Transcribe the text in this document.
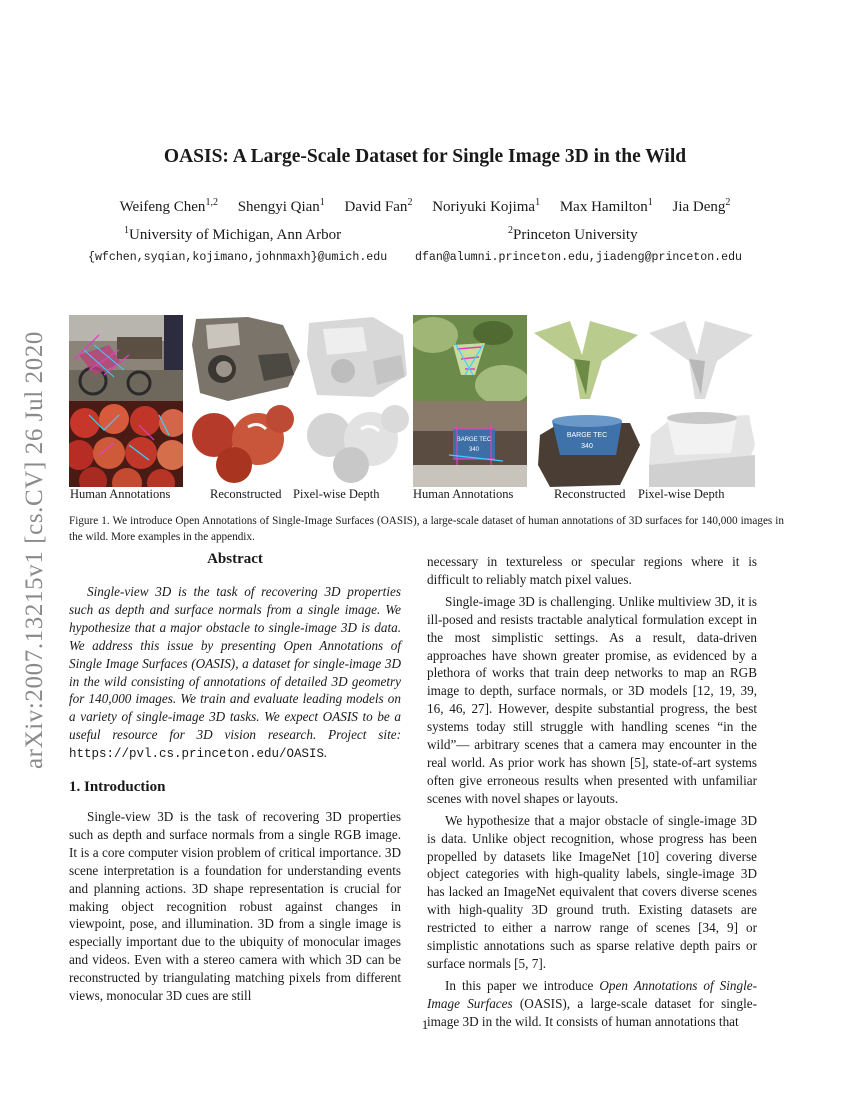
arXiv:2007.13215v1 [cs.CV] 26 Jul 2020
OASIS: A Large-Scale Dataset for Single Image 3D in the Wild
Weifeng Chen$^{1,2}$ Shengyi Qian$^1$ David Fan$^2$ Noriyuki Kojima$^1$ Max Hamilton$^1$ Jia Deng$^2$
$^1$University of Michigan, Ann Arbor	$^2$Princeton University
{wfchen,syqian,kojimano,johnmaxh}@umich.edu dfan@alumni.princeton.edu,jiadeng@princeton.edu
BARGE TEC
340
BARGE TEC
340
Human Annotations	Reconstructed Pixel-wise Depth	Human Annotations	Reconstructed Pixel-wise Depth
Figure 1. We introduce Open Annotations of Single-Image Surfaces (OASIS), a large-scale dataset of human annotations of 3D surfaces for 140,000 images in the wild. More examples in the appendix.
Abstract

Single-view 3D is the task of recovering 3D properties such as depth and surface normals from a single image. We hypothesize that a major obstacle to single-image 3D is data. We address this issue by presenting Open Annotations of Single Image Surfaces (OASIS), a dataset for single-image 3D in the wild consisting of annotations of detailed 3D geometry for 140,000 images. We train and evaluate leading models on a variety of single-image 3D tasks. We expect OASIS to be a useful resource for 3D vision research. Project site: https://pvl.cs.princeton.edu/OASIS.

1. Introduction

Single-view 3D is the task of recovering 3D properties such as depth and surface normals from a single RGB image. It is a core computer vision problem of critical importance. 3D scene interpretation is a foundation for understanding events and planning actions. 3D shape representation is crucial for making object recognition robust against changes in viewpoint, pose, and illumination. 3D from a single image is especially important due to the ubiquity of monocular images and videos. Even with a stereo camera with which 3D can be reconstructed by triangulating matching pixels from different views, monocular 3D cues are still

necessary in textureless or specular regions where it is difficult to reliably match pixel values.

Single-image 3D is challenging. Unlike multiview 3D, it is ill-posed and resists tractable analytical formulation except in the most simplistic settings. As a result, data-driven approaches have shown greater promise, as evidenced by a plethora of works that train deep networks to map an RGB image to depth, surface normals, or 3D models [12, 19, 39, 16, 46, 27]. However, despite substantial progress, the best systems today still struggle with handling scenes “in the wild”— arbitrary scenes that a camera may encounter in the real world. As prior work has shown [5], state-of-art systems often give erroneous results when presented with unfamiliar scenes with novel shapes or layouts.

We hypothesize that a major obstacle of single-image 3D is data. Unlike object recognition, whose progress has been propelled by datasets like ImageNet [10] covering diverse object categories with high-quality labels, single-image 3D has lacked an ImageNet equivalent that covers diverse scenes with high-quality 3D ground truth. Existing datasets are restricted to either a narrow range of scenes [34, 9] or simplistic annotations such as sparse relative depth pairs or surface normals [5, 7].

In this paper we introduce Open Annotations of Single-Image Surfaces (OASIS), a large-scale dataset for single-image 3D in the wild. It consists of human annotations that

1
